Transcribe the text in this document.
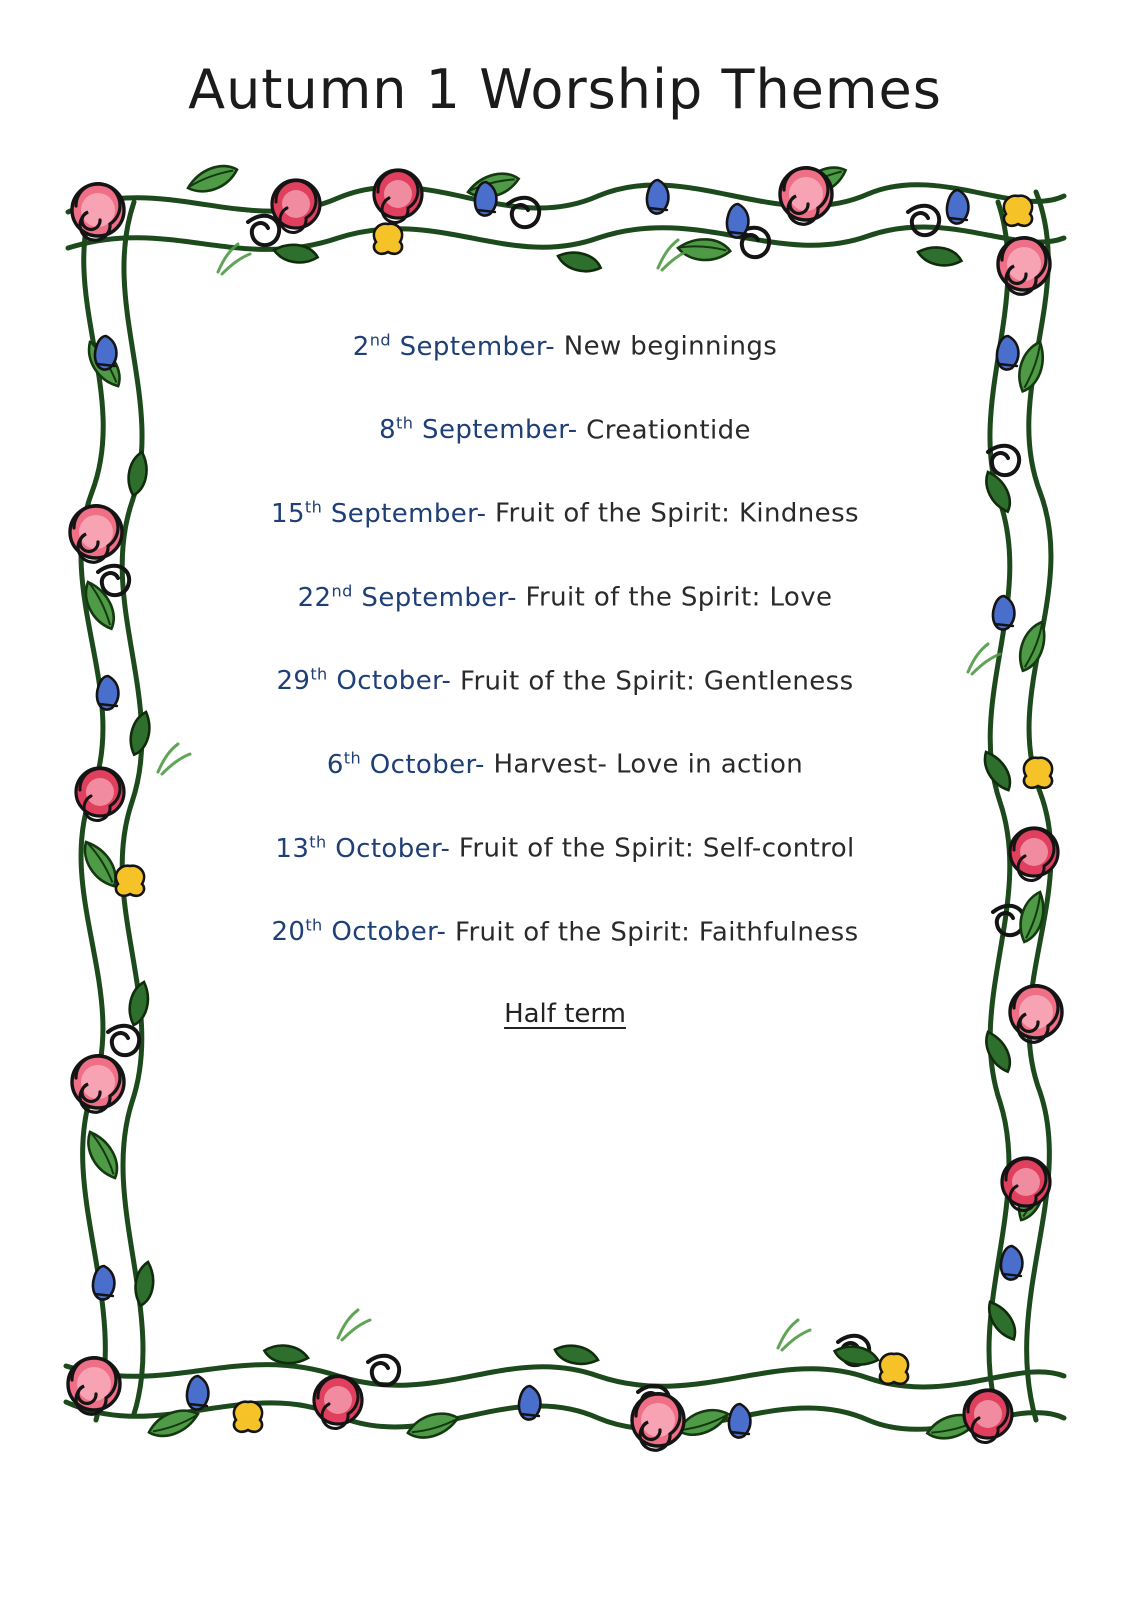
Autumn 1 Worship Themes
2nd September- New beginnings
8th September- Creationtide
15th September- Fruit of the Spirit: Kindness
22nd September- Fruit of the Spirit: Love
29th October- Fruit of the Spirit: Gentleness
6th October- Harvest- Love in action
13th October- Fruit of the Spirit: Self-control
20th October- Fruit of the Spirit: Faithfulness
Half term
